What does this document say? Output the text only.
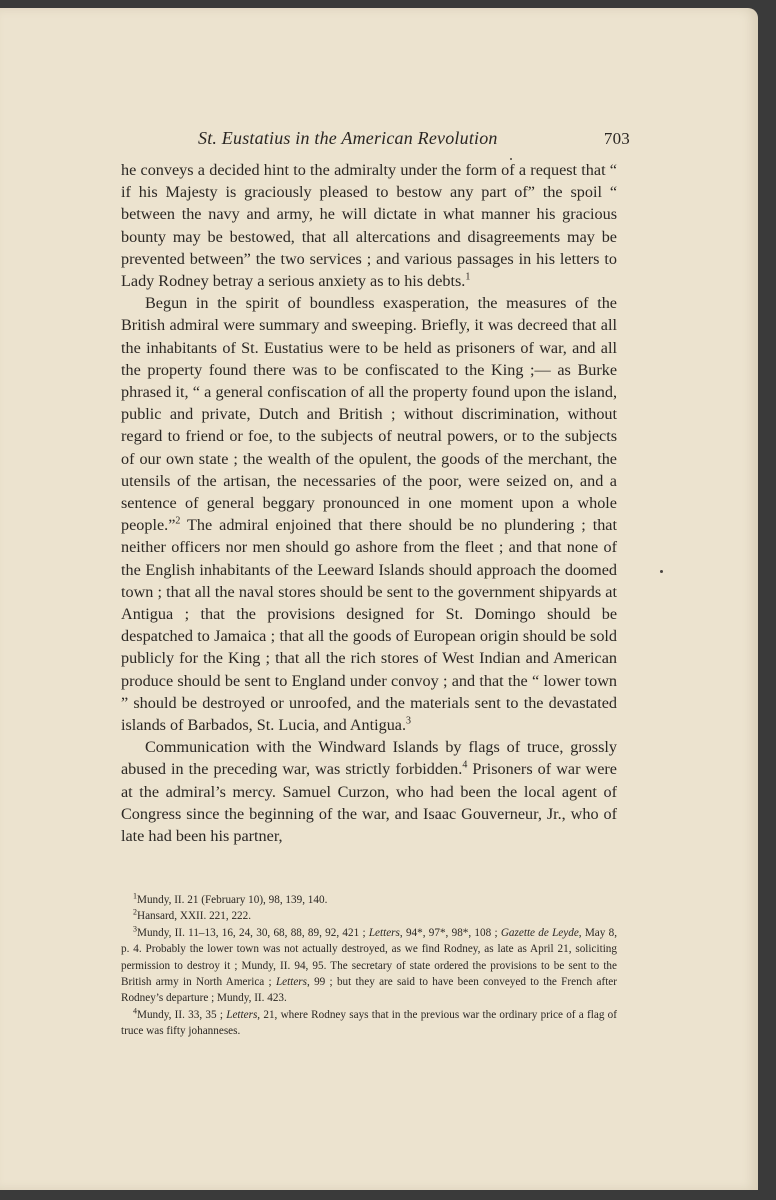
St. Eustatius in the American Revolution	703

he conveys a decided hint to the admiralty under the form of a request that “ if his Majesty is graciously pleased to bestow any part of” the spoil “ between the navy and army, he will dictate in what manner his gracious bounty may be bestowed, that all altercations and disagreements may be prevented between” the two services ; and various passages in his letters to Lady Rodney betray a serious anxiety as to his debts.$^1$

Begun in the spirit of boundless exasperation, the measures of the British admiral were summary and sweeping. Briefly, it was decreed that all the inhabitants of St. Eustatius were to be held as prisoners of war, and all the property found there was to be confiscated to the King ;— as Burke phrased it, “ a general confiscation of all the property found upon the island, public and private, Dutch and British ; without discrimination, without regard to friend or foe, to the subjects of neutral powers, or to the subjects of our own state ; the wealth of the opulent, the goods of the merchant, the utensils of the artisan, the necessaries of the poor, were seized on, and a sentence of general beggary pronounced in one moment upon a whole people.”$^2$ The admiral enjoined that there should be no plundering ; that neither officers nor men should go ashore from the fleet ; and that none of the English inhabitants of the Leeward Islands should approach the doomed town ; that all the naval stores should be sent to the government shipyards at Antigua ; that the provisions designed for St. Domingo should be despatched to Jamaica ; that all the goods of European origin should be sold publicly for the King ; that all the rich stores of West Indian and American produce should be sent to England under convoy ; and that the “ lower town ” should be destroyed or unroofed, and the materials sent to the devastated islands of Barbados, St. Lucia, and Antigua.$^3$

Communication with the Windward Islands by flags of truce, grossly abused in the preceding war, was strictly forbidden.$^4$ Prisoners of war were at the admiral’s mercy. Samuel Curzon, who had been the local agent of Congress since the beginning of the war, and Isaac Gouverneur, Jr., who of late had been his partner,

$^1$Mundy, II. 21 (February 10), 98, 139, 140.

$^2$Hansard, XXII. 221, 222.

$^3$Mundy, II. 11–13, 16, 24, 30, 68, 88, 89, 92, 421 ; Letters, 94*, 97*, 98*, 108 ; Gazette de Leyde, May 8, p. 4. Probably the lower town was not actually destroyed, as we find Rodney, as late as April 21, soliciting permission to destroy it ; Mundy, II. 94, 95. The secretary of state ordered the provisions to be sent to the British army in North America ; Letters, 99 ; but they are said to have been conveyed to the French after Rodney’s departure ; Mundy, II. 423.

$^4$Mundy, II. 33, 35 ; Letters, 21, where Rodney says that in the previous war the ordinary price of a flag of truce was fifty johanneses.
